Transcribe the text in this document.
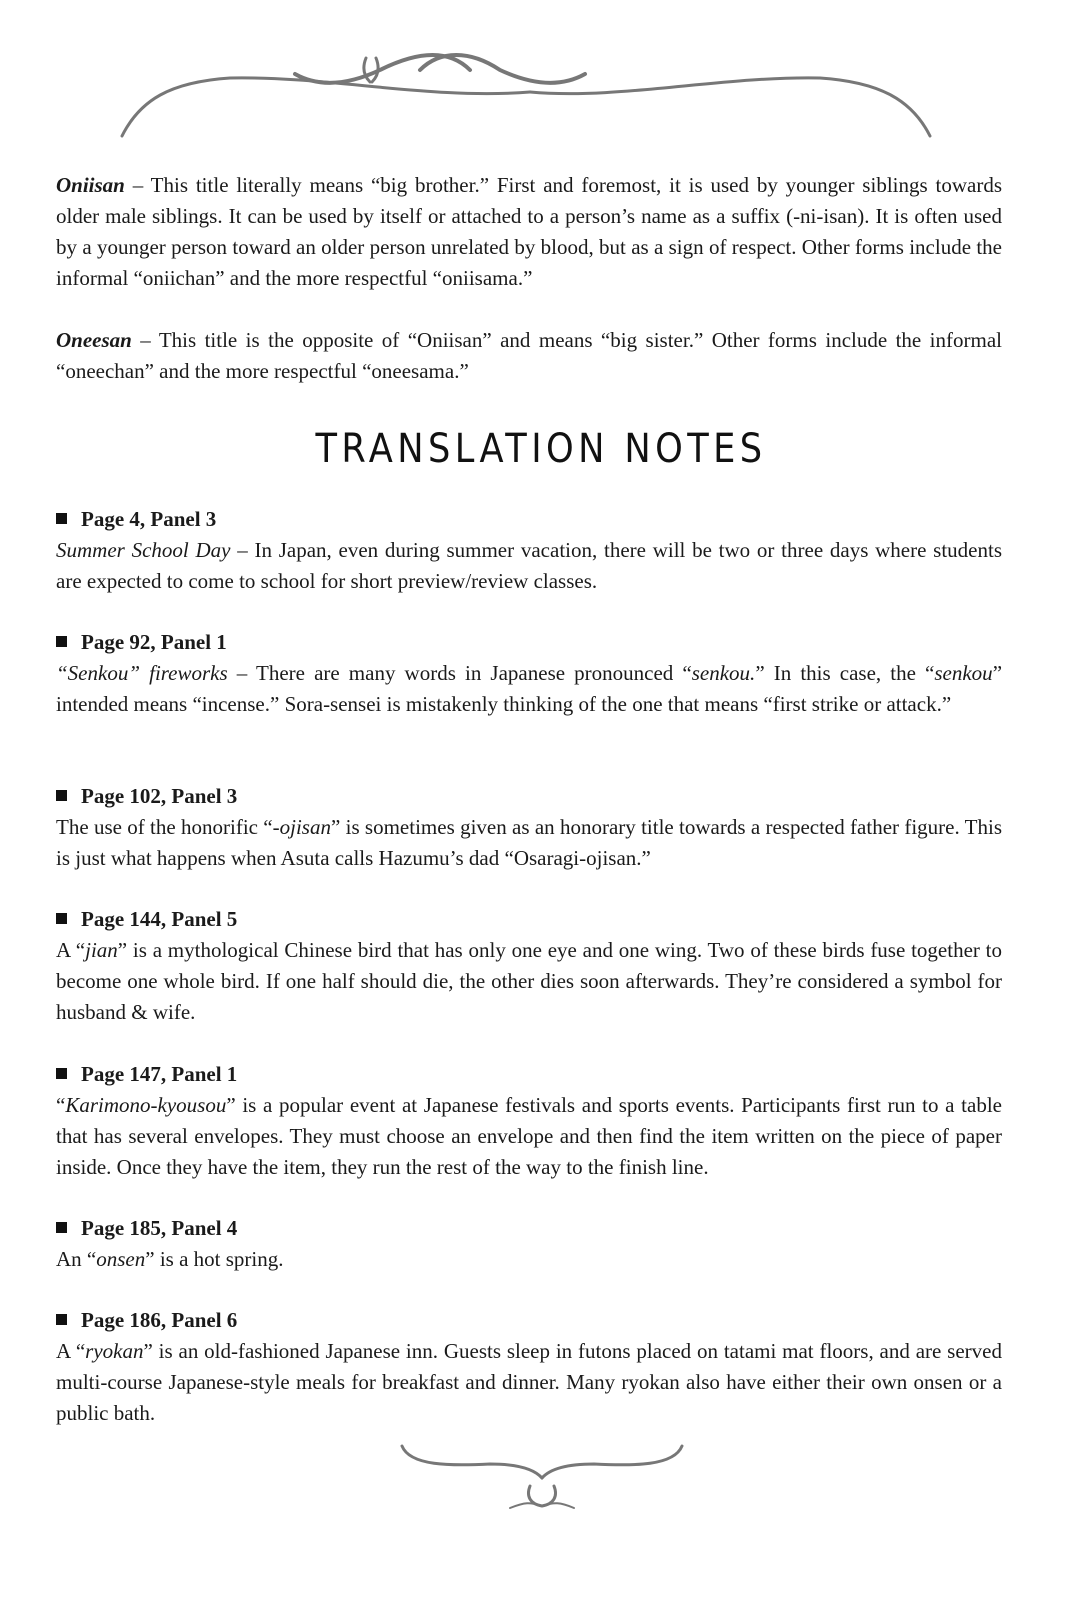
Oniisan – This title literally means “big brother.” First and foremost, it is used by younger siblings towards older male siblings. It can be used by itself or attached to a person’s name as a suffix (-ni-isan). It is often used by a younger person toward an older person unrelated by blood, but as a sign of respect. Other forms include the informal “oniichan” and the more respectful “oniisama.”
Oneesan – This title is the opposite of “Oniisan” and means “big sister.” Other forms include the informal “oneechan” and the more respectful “oneesama.”
TRANSLATION NOTES
Page 4, Panel 3
Summer School Day – In Japan, even during summer vacation, there will be two or three days where students are expected to come to school for short preview/review classes.
Page 92, Panel 1
“Senkou” fireworks – There are many words in Japanese pronounced “senkou.” In this case, the “senkou” intended means “incense.” Sora-sensei is mistakenly thinking of the one that means “first strike or attack.”
Page 102, Panel 3
The use of the honorific “-ojisan” is sometimes given as an honorary title towards a respected father figure. This is just what happens when Asuta calls Hazumu’s dad “Osaragi-ojisan.”
Page 144, Panel 5
A “jian” is a mythological Chinese bird that has only one eye and one wing. Two of these birds fuse together to become one whole bird. If one half should die, the other dies soon afterwards. They’re considered a symbol for husband & wife.
Page 147, Panel 1
“Karimono-kyousou” is a popular event at Japanese festivals and sports events. Participants first run to a table that has several envelopes. They must choose an envelope and then find the item written on the piece of paper inside. Once they have the item, they run the rest of the way to the finish line.
Page 185, Panel 4
An “onsen” is a hot spring.
Page 186, Panel 6
A “ryokan” is an old-fashioned Japanese inn. Guests sleep in futons placed on tatami mat floors, and are served multi-course Japanese-style meals for breakfast and dinner. Many ryokan also have either their own onsen or a public bath.
